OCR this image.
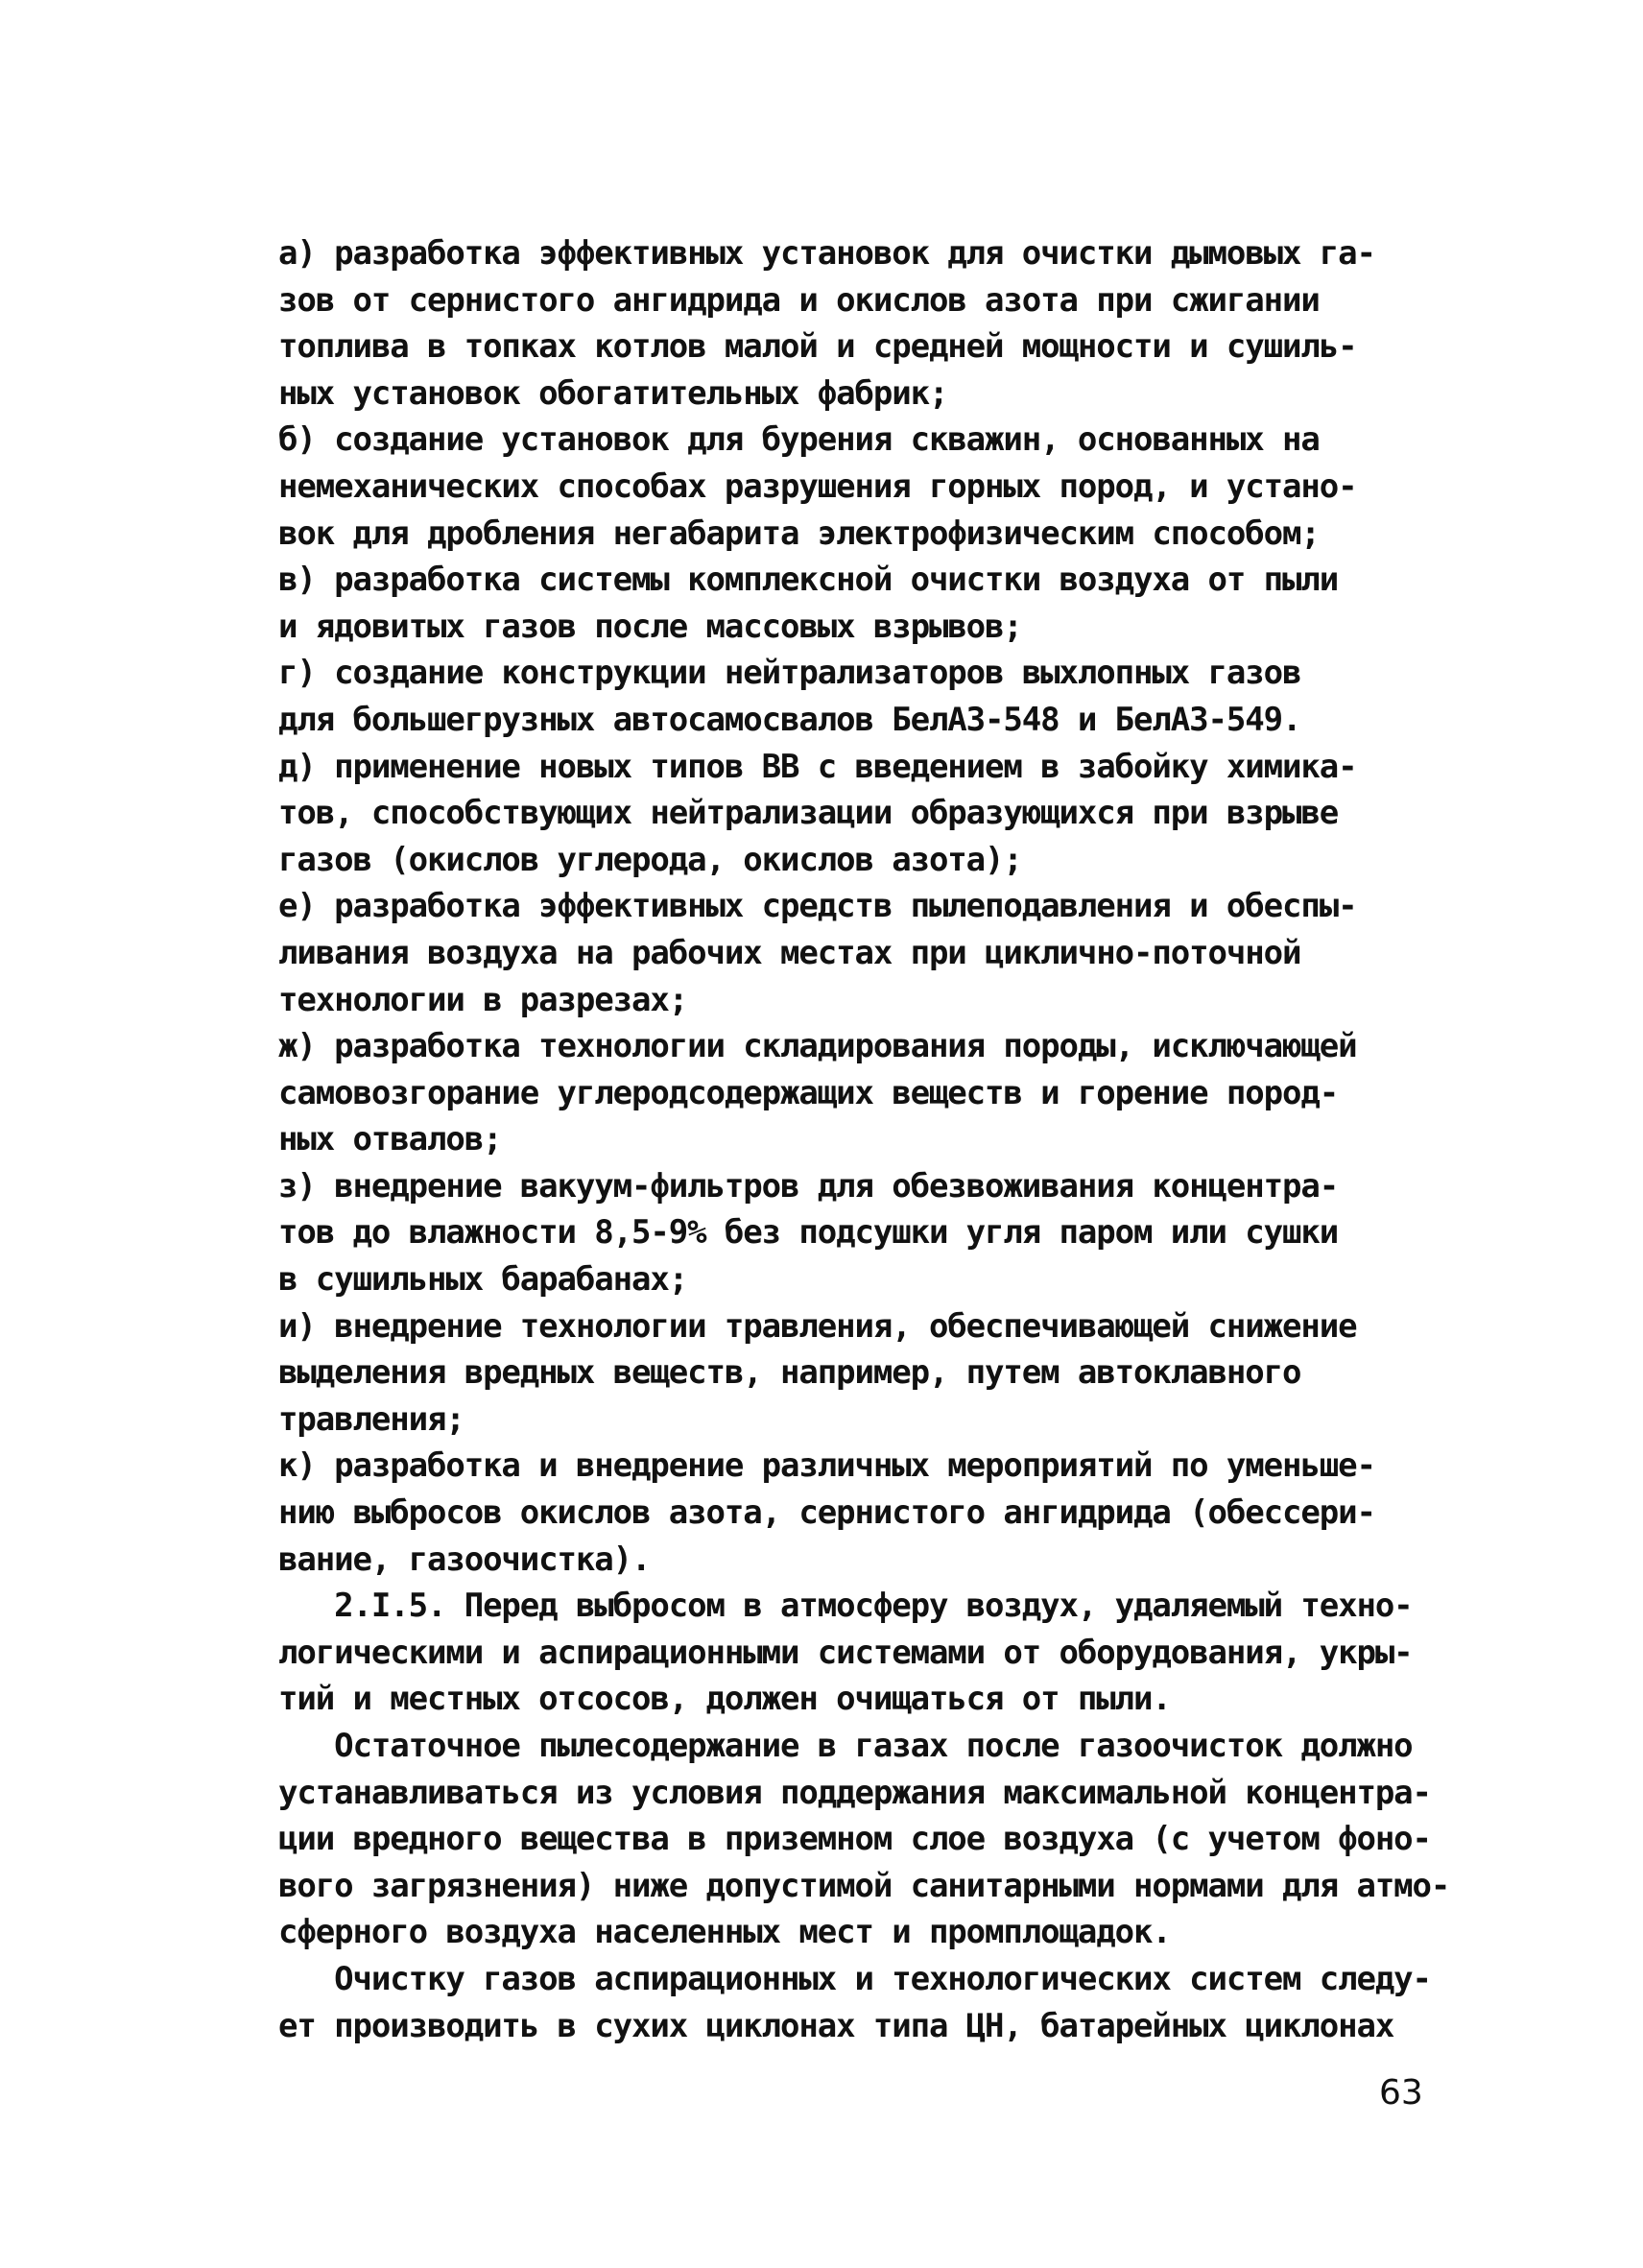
а) разработка эффективных установок для очистки дымовых га-
зов от сернистого ангидрида и окислов азота при сжигании
топлива в топках котлов малой и средней мощности и сушиль-
ных установок обогатительных фабрик;
б) создание установок для бурения скважин, основанных на
немеханических способах разрушения горных пород, и устано-
вок для дробления негабарита электрофизическим способом;
в) разработка системы комплексной очистки воздуха от пыли
и ядовитых газов после массовых взрывов;
г) создание конструкции нейтрализаторов выхлопных газов
для большегрузных автосамосвалов БелАЗ-548 и БелАЗ-549.
д) применение новых типов ВВ с введением в забойку химика-
тов, способствующих нейтрализации образующихся при взрыве
газов (окислов углерода, окислов азота);
е) разработка эффективных средств пылеподавления и обеспы-
ливания воздуха на рабочих местах при циклично-поточной
технологии в разрезах;
ж) разработка технологии складирования породы, исключающей
самовозгорание углеродсодержащих веществ и горение пород-
ных отвалов;
з) внедрение вакуум-фильтров для обезвоживания концентра-
тов до влажности 8,5-9% без подсушки угля паром или сушки
в сушильных барабанах;
и) внедрение технологии травления, обеспечивающей снижение
выделения вредных веществ, например, путем автоклавного
травления;
к) разработка и внедрение различных мероприятий по уменьше-
нию выбросов окислов азота, сернистого ангидрида (обессери-
вание, газоочистка).
2.I.5. Перед выбросом в атмосферу воздух, удаляемый техно-
логическими и аспирационными системами от оборудования, укры-
тий и местных отсосов, должен очищаться от пыли.
Остаточное пылесодержание в газах после газоочисток должно
устанавливаться из условия поддержания максимальной концентра-
ции вредного вещества в приземном слое воздуха (с учетом фоно-
вого загрязнения) ниже допустимой санитарными нормами для атмо-
сферного воздуха населенных мест и промплощадок.
Очистку газов аспирационных и технологических систем следу-
ет производить в сухих циклонах типа ЦН, батарейных циклонах
63
